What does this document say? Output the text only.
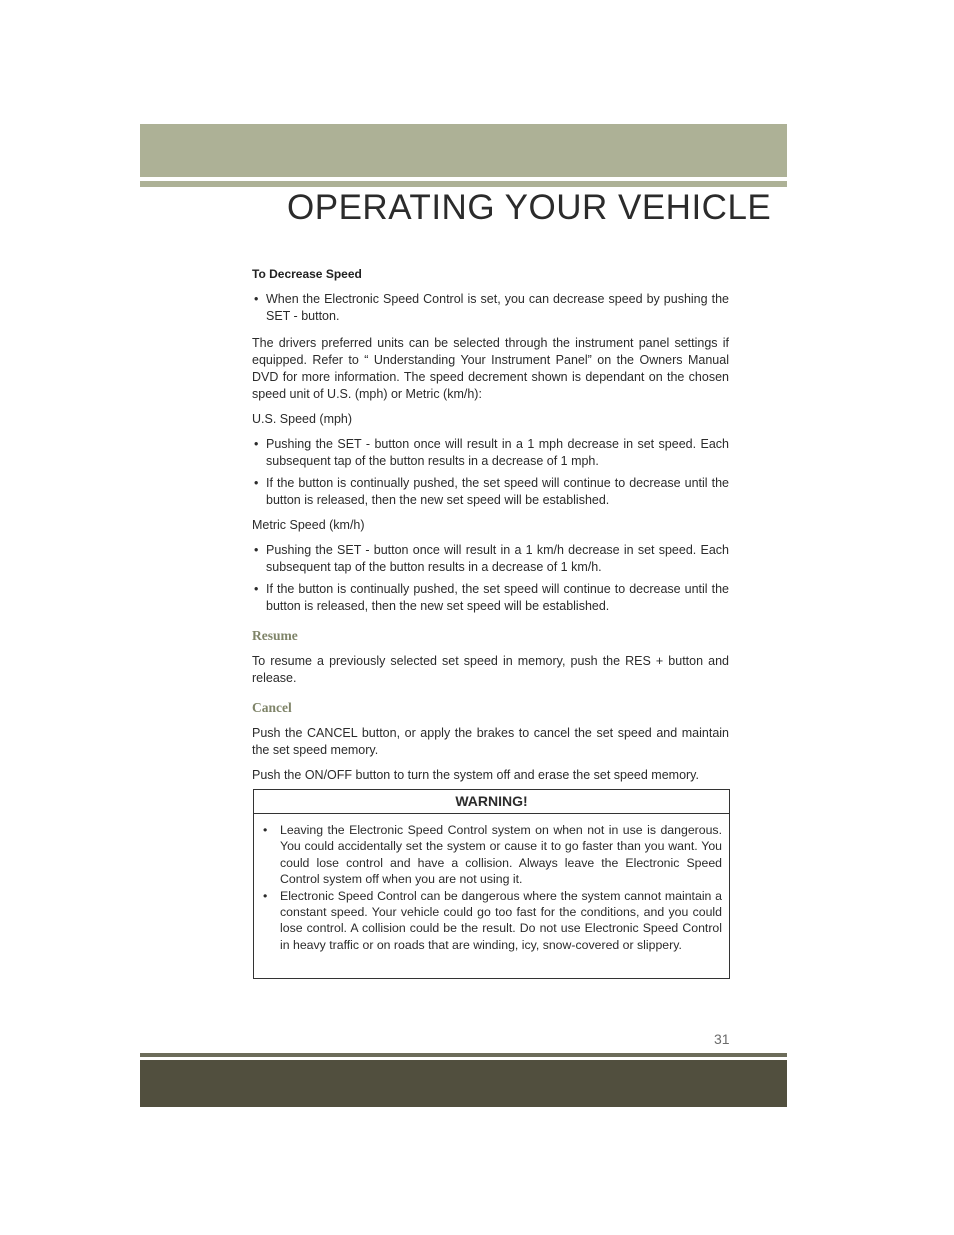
OPERATING YOUR VEHICLE
To Decrease Speed
• When the Electronic Speed Control is set, you can decrease speed by pushing the SET - button.

The drivers preferred units can be selected through the instrument panel settings if equipped. Refer to “ Understanding Your Instrument Panel” on the Owners Manual DVD for more information. The speed decrement shown is dependant on the chosen speed unit of U.S. (mph) or Metric (km/h):

U.S. Speed (mph)

• Pushing the SET - button once will result in a 1 mph decrease in set speed. Each subsequent tap of the button results in a decrease of 1 mph.
• If the button is continually pushed, the set speed will continue to decrease until the button is released, then the new set speed will be established.

Metric Speed (km/h)

• Pushing the SET - button once will result in a 1 km/h decrease in set speed. Each subsequent tap of the button results in a decrease of 1 km/h.
• If the button is continually pushed, the set speed will continue to decrease until the button is released, then the new set speed will be established.
Resume

To resume a previously selected set speed in memory, push the RES + button and release.

Cancel

Push the CANCEL button, or apply the brakes to cancel the set speed and maintain the set speed memory.

Push the ON/OFF button to turn the system off and erase the set speed memory.

WARNING!
• Leaving the Electronic Speed Control system on when not in use is dangerous. You could accidentally set the system or cause it to go faster than you want. You could lose control and have a collision. Always leave the Electronic Speed Control system off when you are not using it.
• Electronic Speed Control can be dangerous where the system cannot maintain a constant speed. Your vehicle could go too fast for the conditions, and you could lose control. A collision could be the result. Do not use Electronic Speed Control in heavy traffic or on roads that are winding, icy, snow-covered or slippery.
31
